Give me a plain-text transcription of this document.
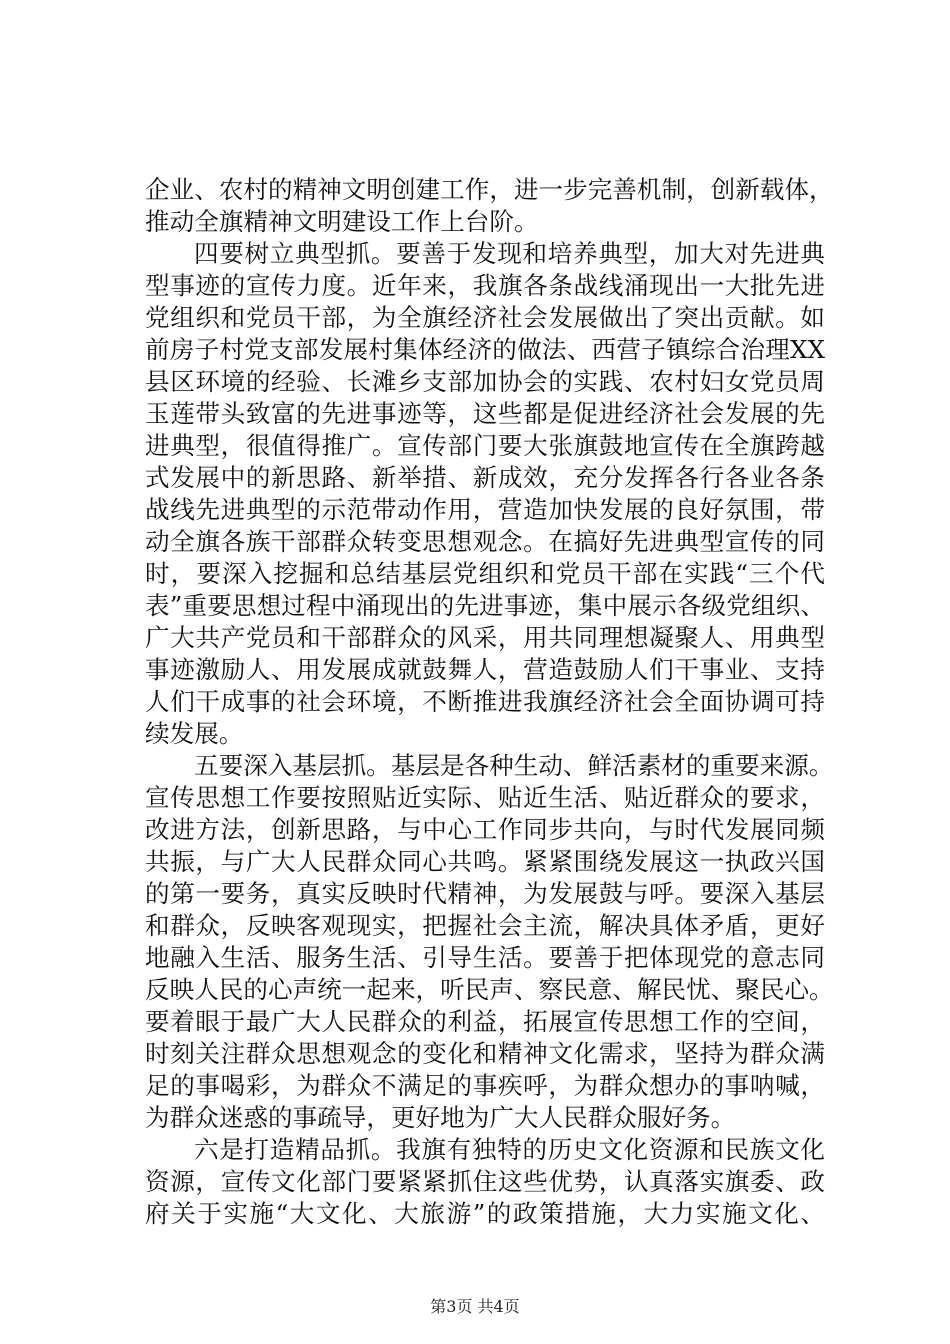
企业、农村的精神文明创建工作，进一步完善机制，创新载体，
推动全旗精神文明建设工作上台阶。
四要树立典型抓。要善于发现和培养典型，加大对先进典
型事迹的宣传力度。近年来，我旗各条战线涌现出一大批先进
党组织和党员干部，为全旗经济社会发展做出了突出贡献。如
前房子村党支部发展村集体经济的做法、西营子镇综合治理XX
县区环境的经验、长滩乡支部加协会的实践、农村妇女党员周
玉莲带头致富的先进事迹等，这些都是促进经济社会发展的先
进典型，很值得推广。宣传部门要大张旗鼓地宣传在全旗跨越
式发展中的新思路、新举措、新成效，充分发挥各行各业各条
战线先进典型的示范带动作用，营造加快发展的良好氛围，带
动全旗各族干部群众转变思想观念。在搞好先进典型宣传的同
时，要深入挖掘和总结基层党组织和党员干部在实践“三个代
表”重要思想过程中涌现出的先进事迹，集中展示各级党组织、
广大共产党员和干部群众的风采，用共同理想凝聚人、用典型
事迹激励人、用发展成就鼓舞人，营造鼓励人们干事业、支持
人们干成事的社会环境，不断推进我旗经济社会全面协调可持
续发展。
五要深入基层抓。基层是各种生动、鲜活素材的重要来源。
宣传思想工作要按照贴近实际、贴近生活、贴近群众的要求，
改进方法，创新思路，与中心工作同步共向，与时代发展同频
共振，与广大人民群众同心共鸣。紧紧围绕发展这一执政兴国
的第一要务，真实反映时代精神，为发展鼓与呼。要深入基层
和群众，反映客观现实，把握社会主流，解决具体矛盾，更好
地融入生活、服务生活、引导生活。要善于把体现党的意志同
反映人民的心声统一起来，听民声、察民意、解民忧、聚民心。
要着眼于最广大人民群众的利益，拓展宣传思想工作的空间，
时刻关注群众思想观念的变化和精神文化需求，坚持为群众满
足的事喝彩，为群众不满足的事疾呼，为群众想办的事呐喊，
为群众迷惑的事疏导，更好地为广大人民群众服好务。
六是打造精品抓。我旗有独特的历史文化资源和民族文化
资源，宣传文化部门要紧紧抓住这些优势，认真落实旗委、政
府关于实施“大文化、大旅游”的政策措施，大力实施文化、
第3页 共4页
